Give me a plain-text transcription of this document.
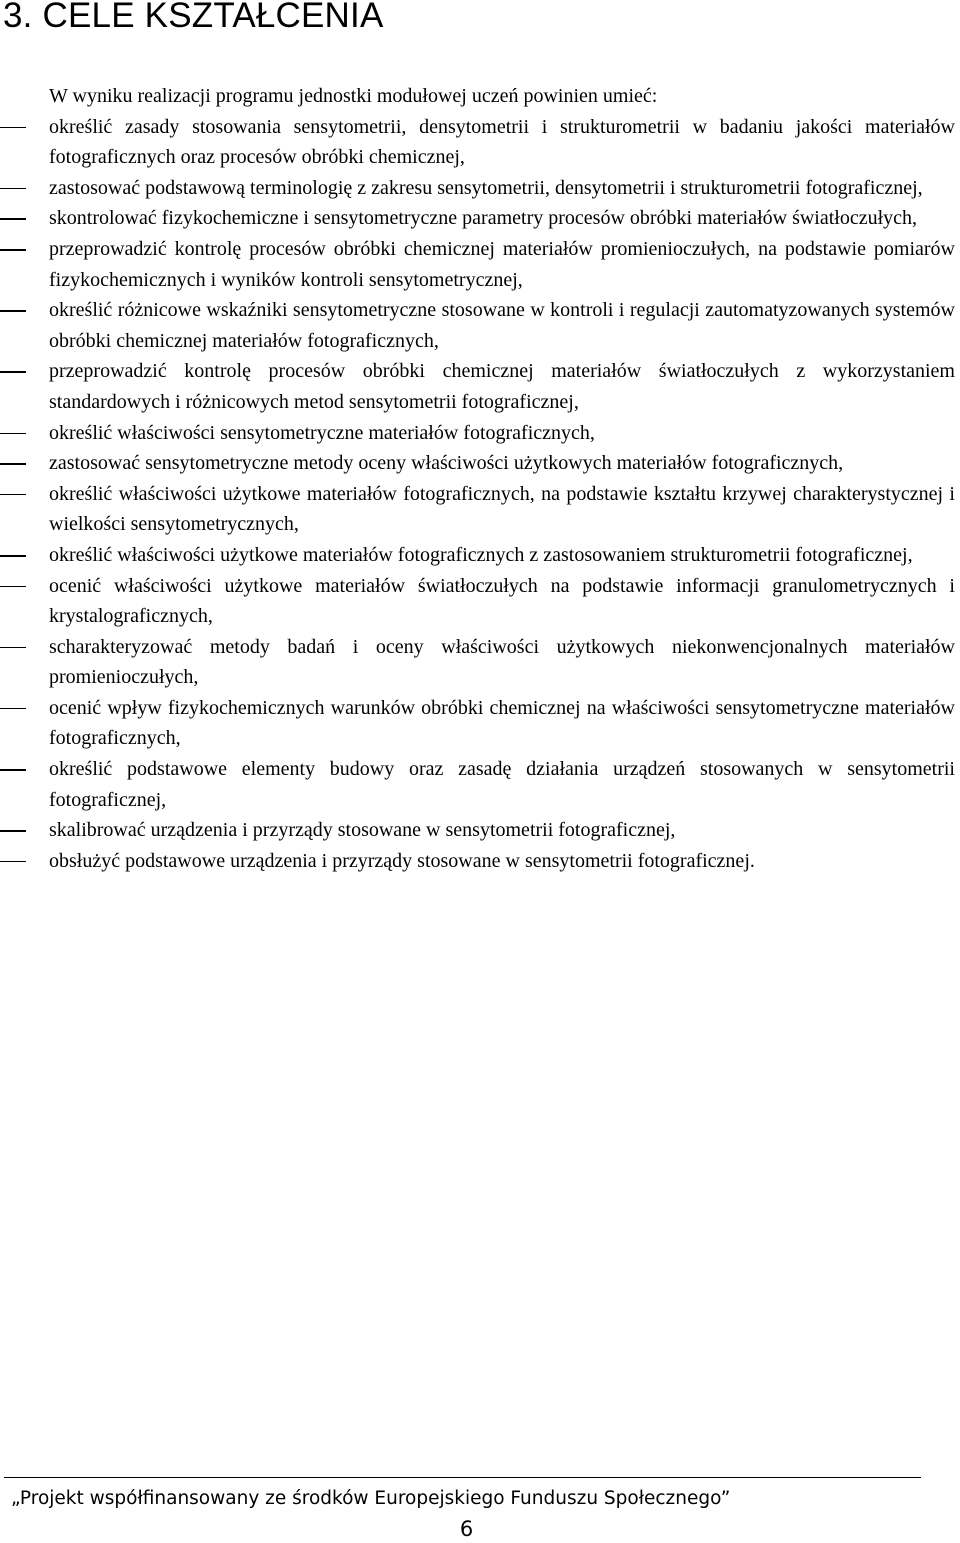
3. CELE KSZTAŁCENIA

W wyniku realizacji programu jednostki modułowej uczeń powinien umieć:

określić zasady stosowania sensytometrii, densytometrii i strukturometrii w badaniu jakości materiałów fotograficznych oraz procesów obróbki chemicznej,
zastosować podstawową terminologię z zakresu sensytometrii, densytometrii i strukturometrii fotograficznej,
skontrolować fizykochemiczne i sensytometryczne parametry procesów obróbki materiałów światłoczułych,
przeprowadzić kontrolę procesów obróbki chemicznej materiałów promienioczułych, na podstawie pomiarów fizykochemicznych i wyników kontroli sensytometrycznej,
określić różnicowe wskaźniki sensytometryczne stosowane w kontroli i regulacji zautomatyzowanych systemów obróbki chemicznej materiałów fotograficznych,
przeprowadzić kontrolę procesów obróbki chemicznej materiałów światłoczułych z wykorzystaniem standardowych i różnicowych metod sensytometrii fotograficznej,
określić właściwości sensytometryczne materiałów fotograficznych,
zastosować sensytometryczne metody oceny właściwości użytkowych materiałów fotograficznych,
określić właściwości użytkowe materiałów fotograficznych, na podstawie kształtu krzywej charakterystycznej i wielkości sensytometrycznych,
określić właściwości użytkowe materiałów fotograficznych z zastosowaniem strukturometrii fotograficznej,
ocenić właściwości użytkowe materiałów światłoczułych na podstawie informacji granulometrycznych i krystalograficznych,
scharakteryzować metody badań i oceny właściwości użytkowych niekonwencjonalnych materiałów promienioczułych,
ocenić wpływ fizykochemicznych warunków obróbki chemicznej na właściwości sensytometryczne materiałów fotograficznych,
określić podstawowe elementy budowy oraz zasadę działania urządzeń stosowanych w sensytometrii fotograficznej,
skalibrować urządzenia i przyrządy stosowane w sensytometrii fotograficznej,
obsłużyć podstawowe urządzenia i przyrządy stosowane w sensytometrii fotograficznej.
„Projekt współfinansowany ze środków Europejskiego Funduszu Społecznego”
6
